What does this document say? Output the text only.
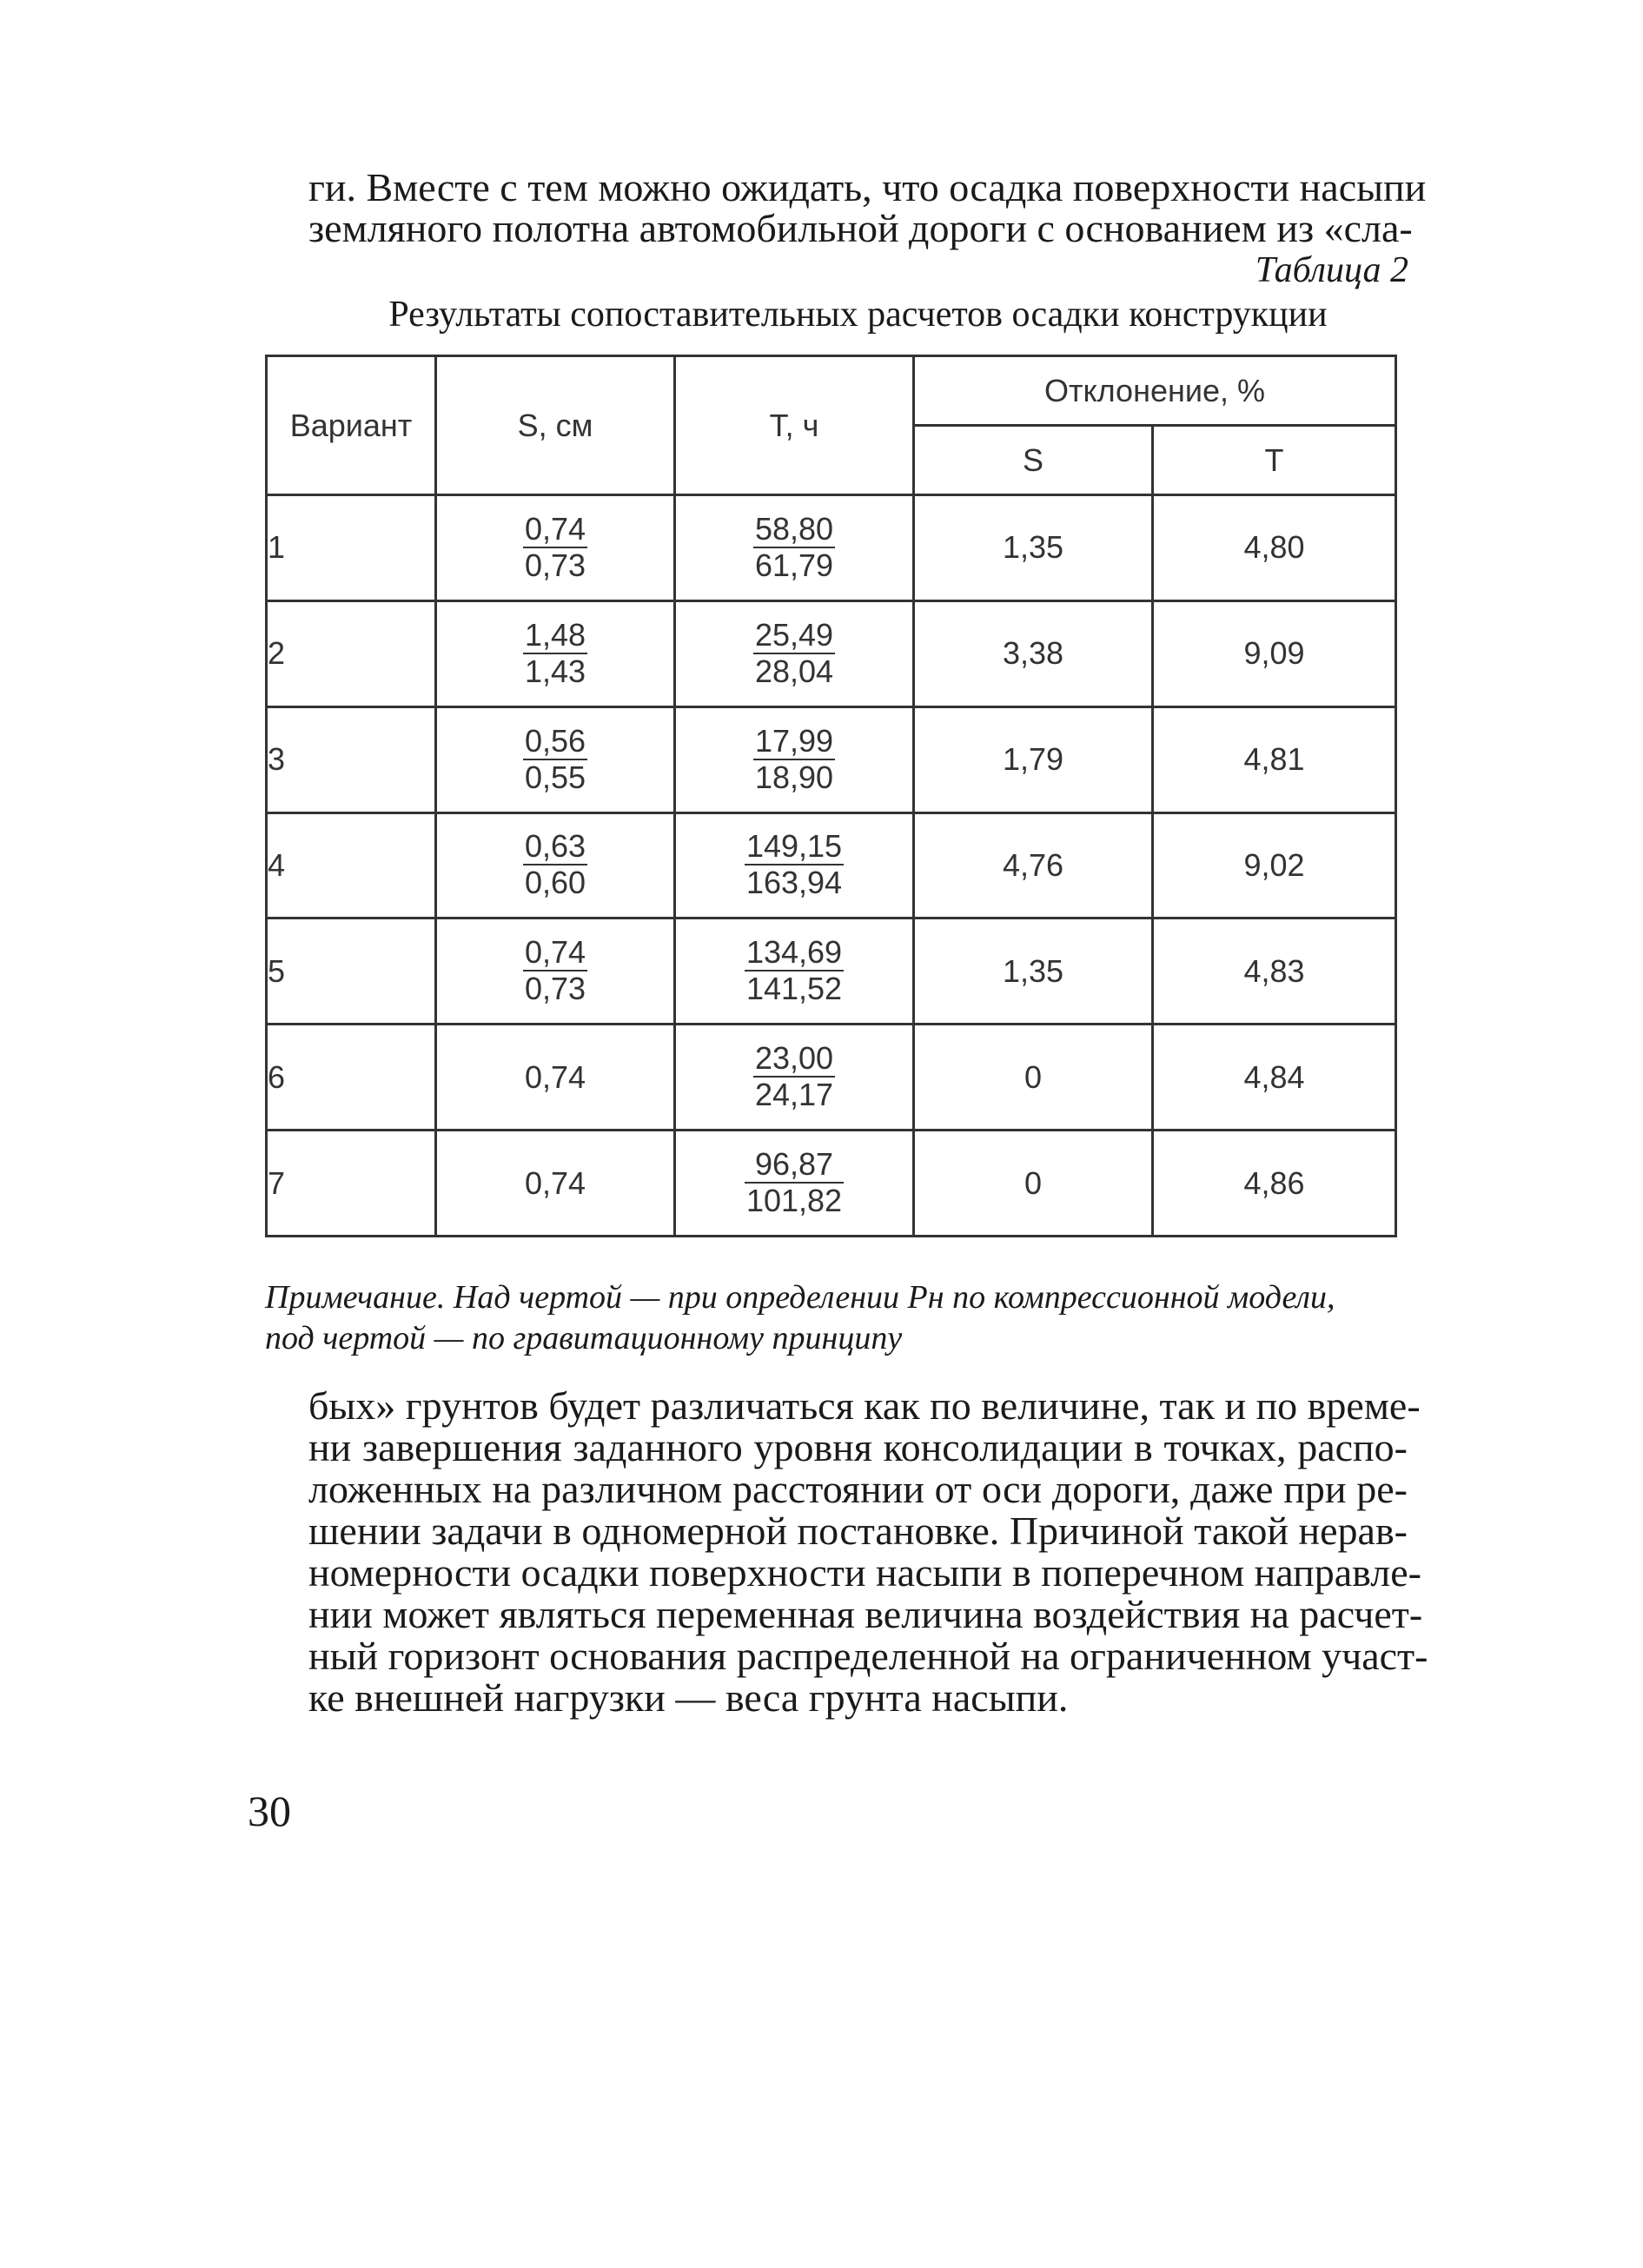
ги. Вместе с тем можно ожидать, что осадка поверхности насыпи
земляного полотна автомобильной дороги с основанием из «сла-
Таблица 2
Результаты сопоставительных расчетов осадки конструкции
Вариант	S, см	T, ч	Отклонение, %	
			S	T
1	$\frac{0,74}{0,73}$	$\frac{58,80}{61,79}$	1,35	4,80
2	$\frac{1,48}{1,43}$	$\frac{25,49}{28,04}$	3,38	9,09
3	$\frac{0,56}{0,55}$	$\frac{17,99}{18,90}$	1,79	4,81
4	$\frac{0,63}{0,60}$	$\frac{149,15}{163,94}$	4,76	9,02
5	$\frac{0,74}{0,73}$	$\frac{134,69}{141,52}$	1,35	4,83
6	0,74	$\frac{23,00}{24,17}$	0	4,84
7	0,74	$\frac{96,87}{101,82}$	0	4,86
Примечание. Над чертой — при определении Рн по компрессионной модели,
под чертой — по гравитационному принципу
бых» грунтов будет различаться как по величине, так и по време-
ни завершения заданного уровня консолидации в точках, распо-
ложенных на различном расстоянии от оси дороги, даже при ре-
шении задачи в одномерной постановке. Причиной такой нерав-
номерности осадки поверхности насыпи в поперечном направле-
нии может являться переменная величина воздействия на расчет-
ный горизонт основания распределенной на ограниченном участ-
ке внешней нагрузки — веса грунта насыпи.
30
